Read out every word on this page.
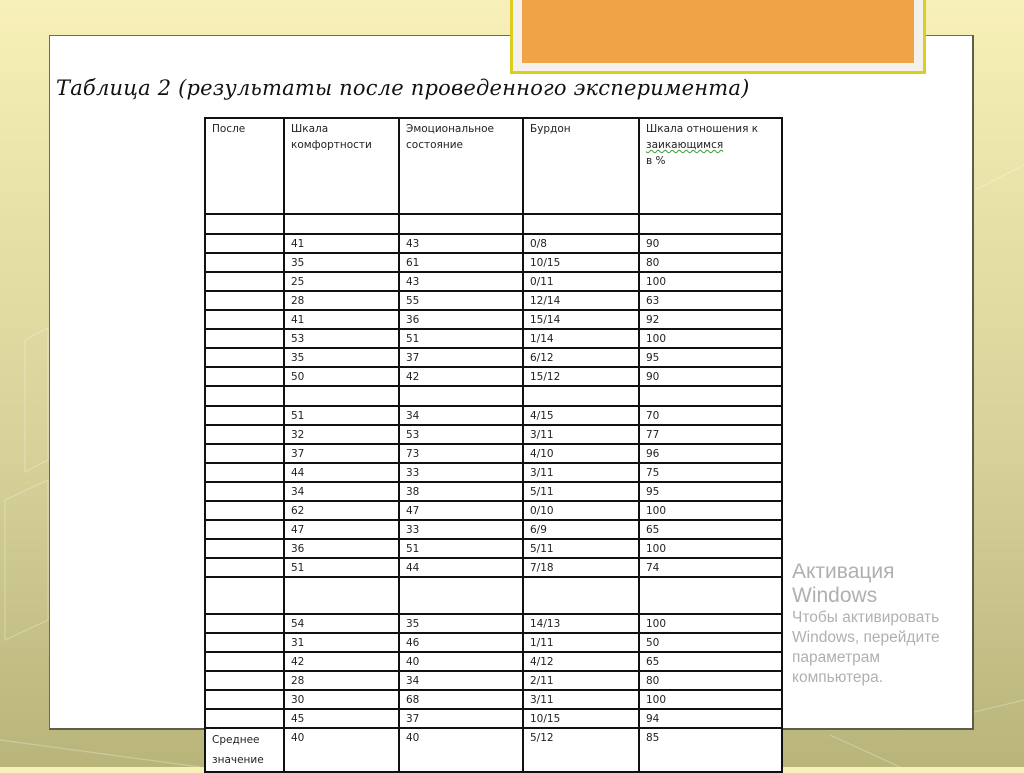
Таблица 2 (результаты после проведенного эксперимента)
После	Шкала комфортности	Эмоциональное состояние	Бурдон	Шкала отношения к
заикающимся
в %

	41	43	0/8	90
	35	61	10/15	80
	25	43	0/11	100
	28	55	12/14	63
	41	36	15/14	92
	53	51	1/14	100
	35	37	6/12	95
	50	42	15/12	90

	51	34	4/15	70
	32	53	3/11	77
	37	73	4/10	96
	44	33	3/11	75
	34	38	5/11	95
	62	47	0/10	100
	47	33	6/9	65
	36	51	5/11	100
	51	44	7/18	74

	54	35	14/13	100
	31	46	1/11	50
	42	40	4/12	65
	28	34	2/11	80
	30	68	3/11	100
	45	37	10/15	94
Среднее
значение	40	40	5/12	85
Активация Windows
Чтобы активировать Windows, перейдите
параметрам компьютера.
